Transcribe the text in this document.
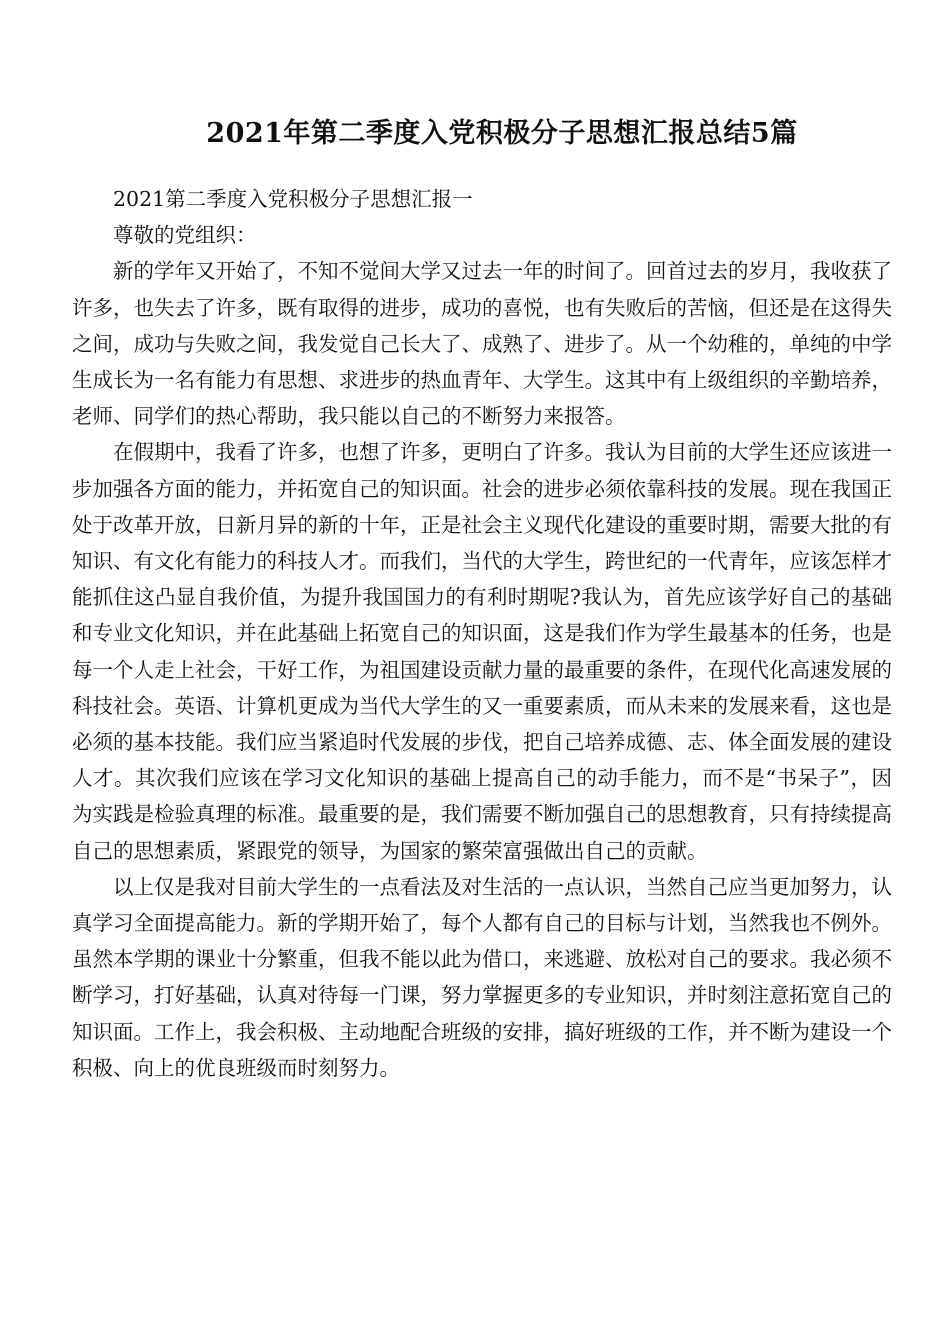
2021年第二季度入党积极分子思想汇报总结5篇

2021第二季度入党积极分子思想汇报一

尊敬的党组织：

新的学年又开始了，不知不觉间大学又过去一年的时间了。回首过去的岁月，我收获了许多，也失去了许多，既有取得的进步，成功的喜悦，也有失败后的苦恼，但还是在这得失之间，成功与失败之间，我发觉自己长大了、成熟了、进步了。从一个幼稚的，单纯的中学生成长为一名有能力有思想、求进步的热血青年、大学生。这其中有上级组织的辛勤培养，老师、同学们的热心帮助，我只能以自己的不断努力来报答。

在假期中，我看了许多，也想了许多，更明白了许多。我认为目前的大学生还应该进一步加强各方面的能力，并拓宽自己的知识面。社会的进步必须依靠科技的发展。现在我国正处于改革开放，日新月异的新的十年，正是社会主义现代化建设的重要时期，需要大批的有知识、有文化有能力的科技人才。而我们，当代的大学生，跨世纪的一代青年，应该怎样才能抓住这凸显自我价值，为提升我国国力的有利时期呢?我认为，首先应该学好自己的基础和专业文化知识，并在此基础上拓宽自己的知识面，这是我们作为学生最基本的任务，也是每一个人走上社会，干好工作，为祖国建设贡献力量的最重要的条件，在现代化高速发展的科技社会。英语、计算机更成为当代大学生的又一重要素质，而从未来的发展来看，这也是必须的基本技能。我们应当紧追时代发展的步伐，把自己培养成德、志、体全面发展的建设人才。其次我们应该在学习文化知识的基础上提高自己的动手能力，而不是“书呆子”，因为实践是检验真理的标准。最重要的是，我们需要不断加强自己的思想教育，只有持续提高自己的思想素质，紧跟党的领导，为国家的繁荣富强做出自己的贡献。

以上仅是我对目前大学生的一点看法及对生活的一点认识，当然自己应当更加努力，认真学习全面提高能力。新的学期开始了，每个人都有自己的目标与计划，当然我也不例外。虽然本学期的课业十分繁重，但我不能以此为借口，来逃避、放松对自己的要求。我必须不断学习，打好基础，认真对待每一门课，努力掌握更多的专业知识，并时刻注意拓宽自己的知识面。工作上，我会积极、主动地配合班级的安排，搞好班级的工作，并不断为建设一个积极、向上的优良班级而时刻努力。
